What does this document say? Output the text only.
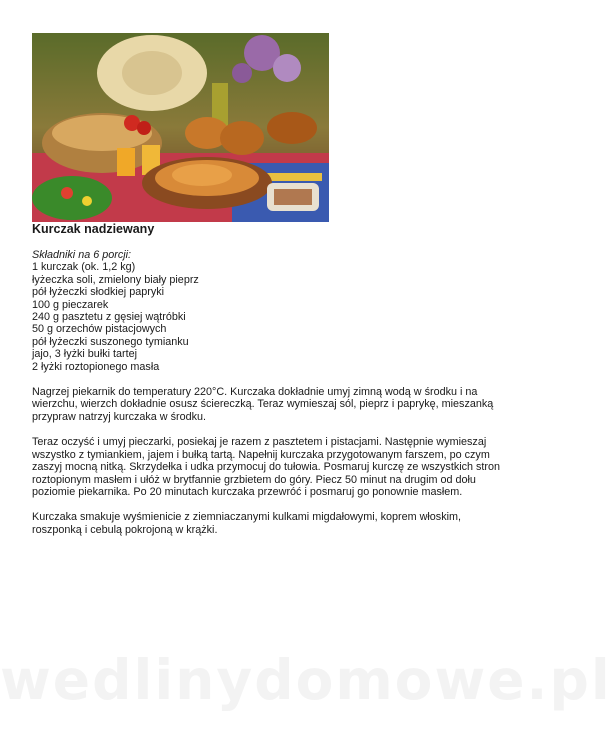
Kurczak nadziewany
Składniki na 6 porcji:
1 kurczak (ok. 1,2 kg)
łyżeczka soli, zmielony biały pieprz
pół łyżeczki słodkiej papryki
100 g pieczarek
240 g pasztetu z gęsiej wątróbki
50 g orzechów pistacjowych
pół łyżeczki suszonego tymianku
jajo, 3 łyżki bułki tartej
2 łyżki roztopionego masła

Nagrzej piekarnik do temperatury 220°C. Kurczaka dokładnie umyj zimną wodą w środku i na wierzchu, wierzch dokładnie osusz ściereczką. Teraz wymieszaj sól, pieprz i paprykę, mieszanką przypraw natrzyj kurczaka w środku.

Teraz oczyść i umyj pieczarki, posiekaj je razem z pasztetem i pistacjami. Następnie wymieszaj wszystko z tymiankiem, jajem i bułką tartą. Napełnij kurczaka przygotowanym farszem, po czym zaszyj mocną nitką. Skrzydełka i udka przymocuj do tułowia. Posmaruj kurczę ze wszystkich stron roztopionym masłem i ułóż w brytfannie grzbietem do góry. Piecz 50 minut na drugim od dołu poziomie piekarnika. Po 20 minutach kurczaka przewróć i posmaruj go ponownie masłem.

Kurczaka smakuje wyśmienicie z ziemniaczanymi kulkami migdałowymi, koprem włoskim, roszponką i cebulą pokrojoną w krążki.

wedlinydomowe.pl
